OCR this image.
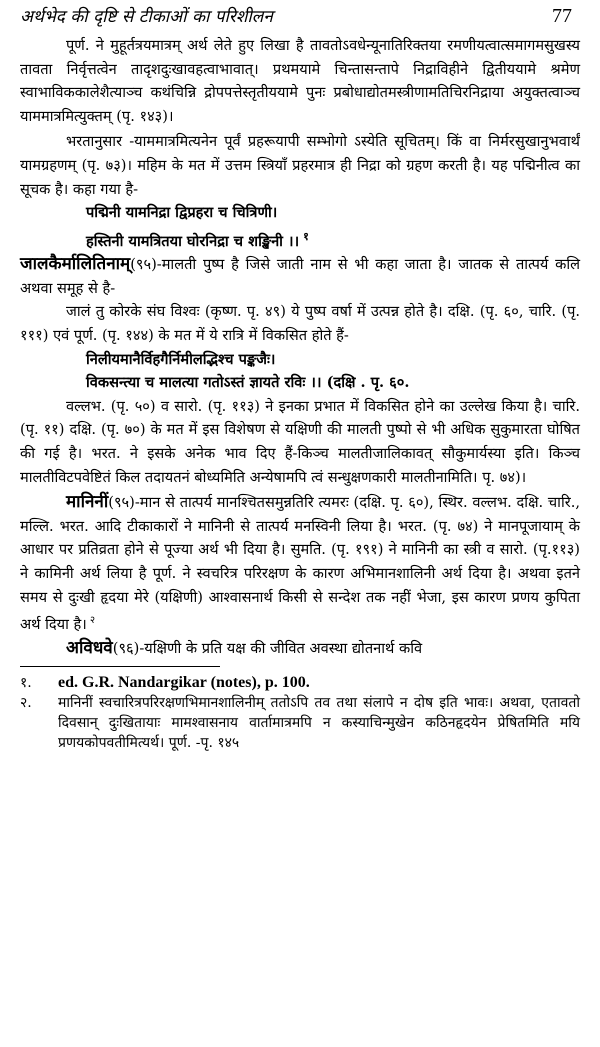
अर्थभेद की दृष्टि से टीकाओं का परिशीलन	77

पूर्ण. ने मुहूर्तत्रयमात्रम् अर्थ लेते हुए लिखा है तावतोऽवधेन्यूनातिरिक्तया रमणीयत्वात्समागमसुखस्य तावता निर्वृत्तत्वेन तादृशदुःखावहत्वाभावात्। प्रथमयामे चिन्तासन्तापे निद्राविहीने द्वितीययामे श्रमेण स्वाभाविककालेशैत्याञ्च कथंचिन्नि द्रोपपत्तेस्तृतीययामे पुनः प्रबोधाद्योतमस्त्रीणामतिचिरनिद्राया अयुक्तत्वाञ्च याममात्रमित्युक्तम् (पृ. १४३)।

भरतानुसार -याममात्रमित्यनेन पूर्वं प्रहरूयापी सम्भोगो ऽस्येति सूचितम्। किं वा निर्मरसुखानुभवार्थं यामग्रहणम् (पृ. ७३)। महिम के मत में उत्तम स्त्रियाँ प्रहरमात्र ही निद्रा को ग्रहण करती है। यह पद्मिनीत्व का सूचक है। कहा गया है-

पद्मिनी यामनिद्रा द्विप्रहरा च चित्रिणी।
हस्तिनी यामत्रितया घोरनिद्रा च शङ्खिनी ।। $^१$

जालकैर्मालितिनाम्(९५)-मालती पुष्प है जिसे जाती नाम से भी कहा जाता है। जातक से तात्पर्य कलि अथवा समूह से है-

जालं तु कोरके संघ विश्वः (कृष्ण. पृ. ४९) ये पुष्प वर्षा में उत्पन्न होते है। दक्षि. (पृ. ६०, चारि. (पृ. १११) एवं पूर्ण. (पृ. १४४) के मत में ये रात्रि में विकसित होते हैं-

निलीयमानैर्विहगैर्निमीलद्भिश्च पङ्कजैः।
विकसन्त्या च मालत्या गतोऽस्तं ज्ञायते रविः ।। (दक्षि . पृ. ६०.

वल्लभ. (पृ. ५०) व सारो. (पृ. ११३) ने इनका प्रभात में विकसित होने का उल्लेख किया है। चारि. (पृ. ११) दक्षि. (पृ. ७०) के मत में इस विशेषण से यक्षिणी की मालती पुष्पो से भी अधिक सुकुमारता घोषित की गई है। भरत. ने इसके अनेक भाव दिए हैं-किञ्च मालतीजालिकावत् सौकुमार्यस्या इति। किञ्च मालतीविटपवेष्टितं किल तदायतनं बोध्यमिति अन्येषामपि त्वं सन्धुक्षणकारी मालतीनामिति। पृ. ७४)।

मानिनीं(९५)-मान से तात्पर्य मानश्चितसमुन्नतिरि त्यमरः (दक्षि. पृ. ६०), स्थिर. वल्लभ. दक्षि. चारि., मल्लि. भरत. आदि टीकाकारों ने मानिनी से तात्पर्य मनस्विनी लिया है। भरत. (पृ. ७४) ने मानपूजायाम् के आधार पर प्रतिव्रता होने से पूज्या अर्थ भी दिया है। सुमति. (पृ. १९१) ने मानिनी का स्त्री व सारो. (पृ.११३) ने कामिनी अर्थ लिया है पूर्ण. ने स्वचरित्र परिरक्षण के कारण अभिमानशालिनी अर्थ दिया है। अथवा इतने समय से दुःखी हृदया मेरे (यक्षिणी) आश्वासनार्थ किसी से सन्देश तक नहीं भेजा, इस कारण प्रणय कुपिता अर्थ दिया है। $^२$

अविधवे(९६)-यक्षिणी के प्रति यक्ष की जीवित अवस्था द्योतनार्थ कवि

१.	ed. G.R. Nandargikar (notes), p. 100.
२.	मानिनीं स्वचारित्रपरिरक्षणभिमानशालिनीम् ततोऽपि तव तथा संलापे न दोष इति भावः। अथवा, एतावतो दिवसान् दुःखितायाः मामश्वासनाय वार्तामात्रमपि न कस्याचिन्मुखेन कठिनहृदयेन प्रेषितमिति मयि प्रणयकोपवतीमित्यर्थ। पूर्ण. -पृ. १४५
